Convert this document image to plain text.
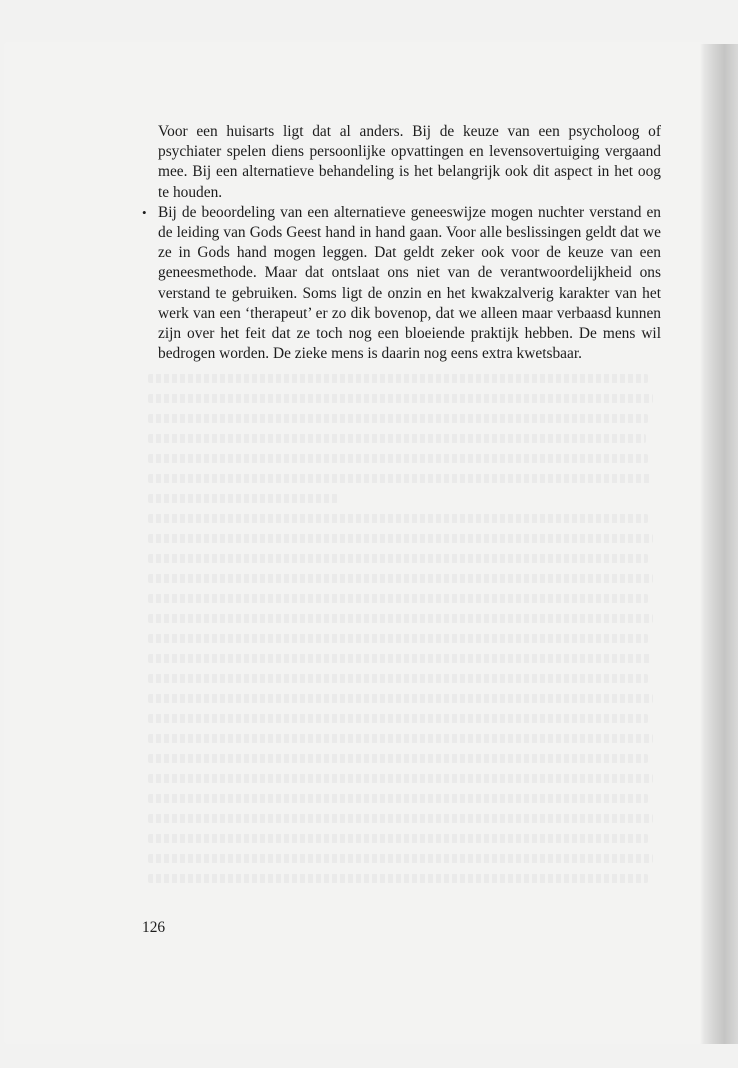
Voor een huisarts ligt dat al anders. Bij de keuze van een psycholoog of psychiater spelen diens persoonlijke opvattingen en levensovertuiging vergaand mee. Bij een alternatieve behandeling is het belangrijk ook dit aspect in het oog te houden.

• Bij de beoordeling van een alternatieve geneeswijze mogen nuchter verstand en de leiding van Gods Geest hand in hand gaan. Voor alle beslissingen geldt dat we ze in Gods hand mogen leggen. Dat geldt zeker ook voor de keuze van een geneesmethode. Maar dat ontslaat ons niet van de verantwoordelijkheid ons verstand te gebruiken. Soms ligt de onzin en het kwakzalverig karakter van het werk van een ‘therapeut’ er zo dik bovenop, dat we alleen maar verbaasd kunnen zijn over het feit dat ze toch nog een bloeiende praktijk hebben. De mens wil bedrogen worden. De zieke mens is daarin nog eens extra kwetsbaar.
126
